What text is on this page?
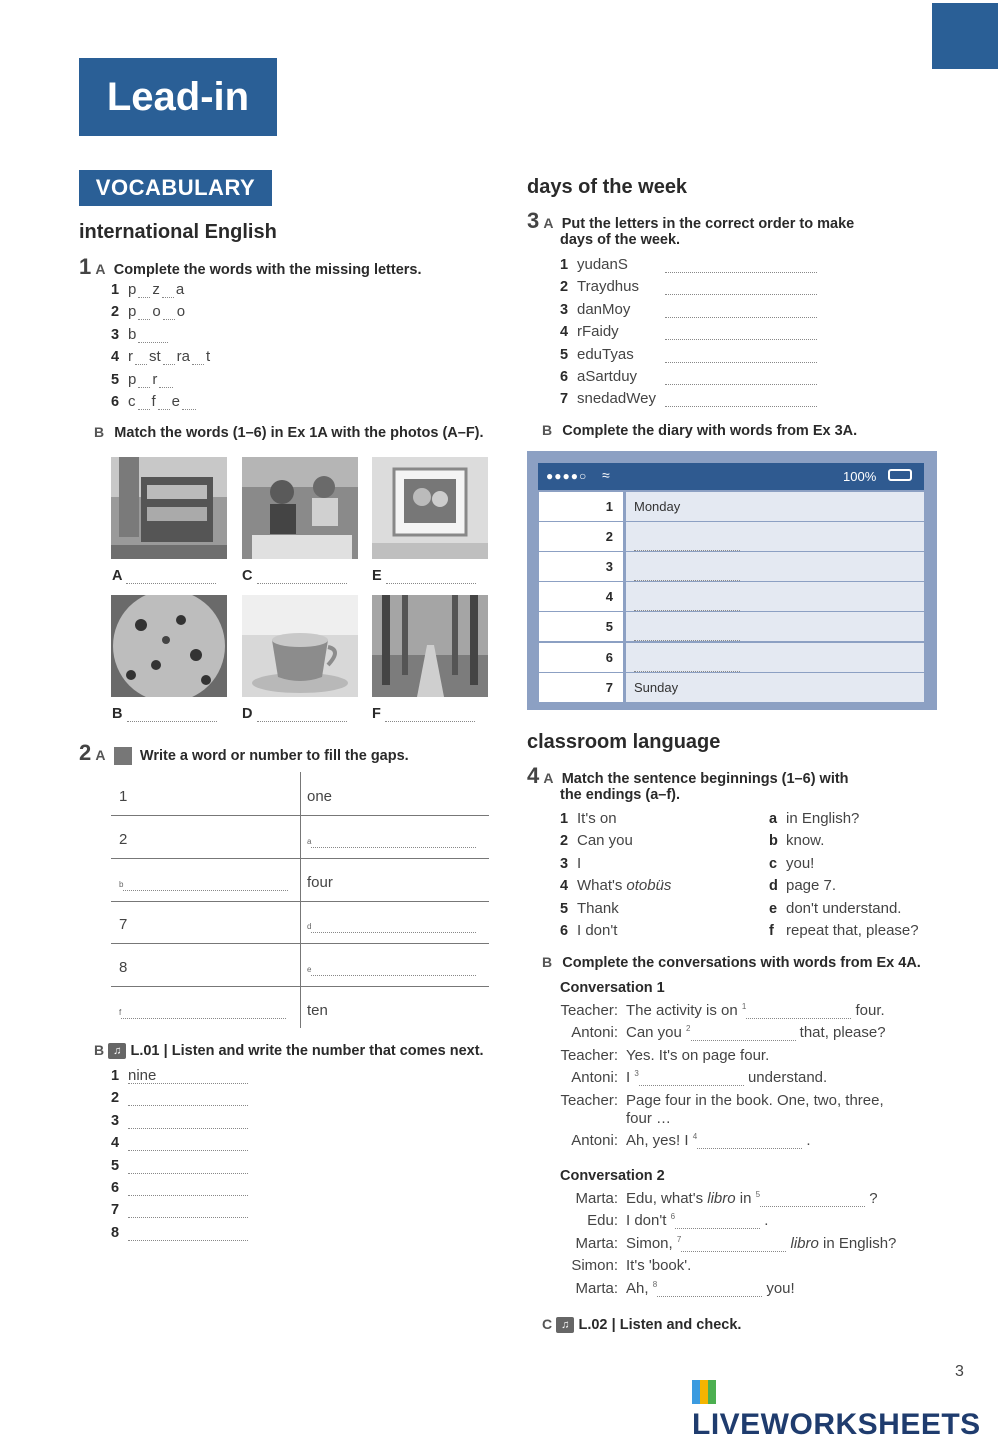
Lead-in
VOCABULARY
international English
1 A Complete the words with the missing letters.
1 p z a
2 p o o
3 b
4 r st ra t
5 p r
6 c f e
B Match the words (1–6) in Ex 1A with the photos (A–F).
A	C	E
B	D	F
2 A Write a word or number to fill the gaps.
1	one
2	a
b	four
7	d
8	e
f	ten
B ♫ L.01 | Listen and write the number that comes next.
1 nine
2
3
4
5
6
7
8
days of the week
3 A Put the letters in the correct order to make
days of the week.
1 yudanS
2 Traydhus
3 danMoy
4 rFaidy
5 eduTyas
6 aSartduy
7 snedadWey
B Complete the diary with words from Ex 3A.
●●●●○ ≈	100%
1	Monday
2
3
4
5
6
7	Sunday
classroom language
4 A Match the sentence beginnings (1–6) with
the endings (a–f).
1 It's on
2 Can you
3 I
4 What's otobüs
5 Thank
6 I don't
a in English?
b know.
c you!
d page 7.
e don't understand.
f repeat that, please?
B Complete the conversations with words from Ex 4A.
Conversation 1
Teacher: The activity is on $^1$	four.
Antoni: Can you $^2$	that, please?
Teacher: Yes. It's on page four.
Antoni: I $^3$	understand.
Teacher: Page four in the book. One, two, three,
four …
Antoni: Ah, yes! I $^4$	.
Conversation 2
Marta: Edu, what's libro in $^5$	?
Edu: I don't $^6$	.
Marta: Simon, $^7$	libro in English?
Simon: It's 'book'.
Marta: Ah, $^8$	you!
C ♫ L.02 | Listen and check.
3
LIVEWORKSHEETS
